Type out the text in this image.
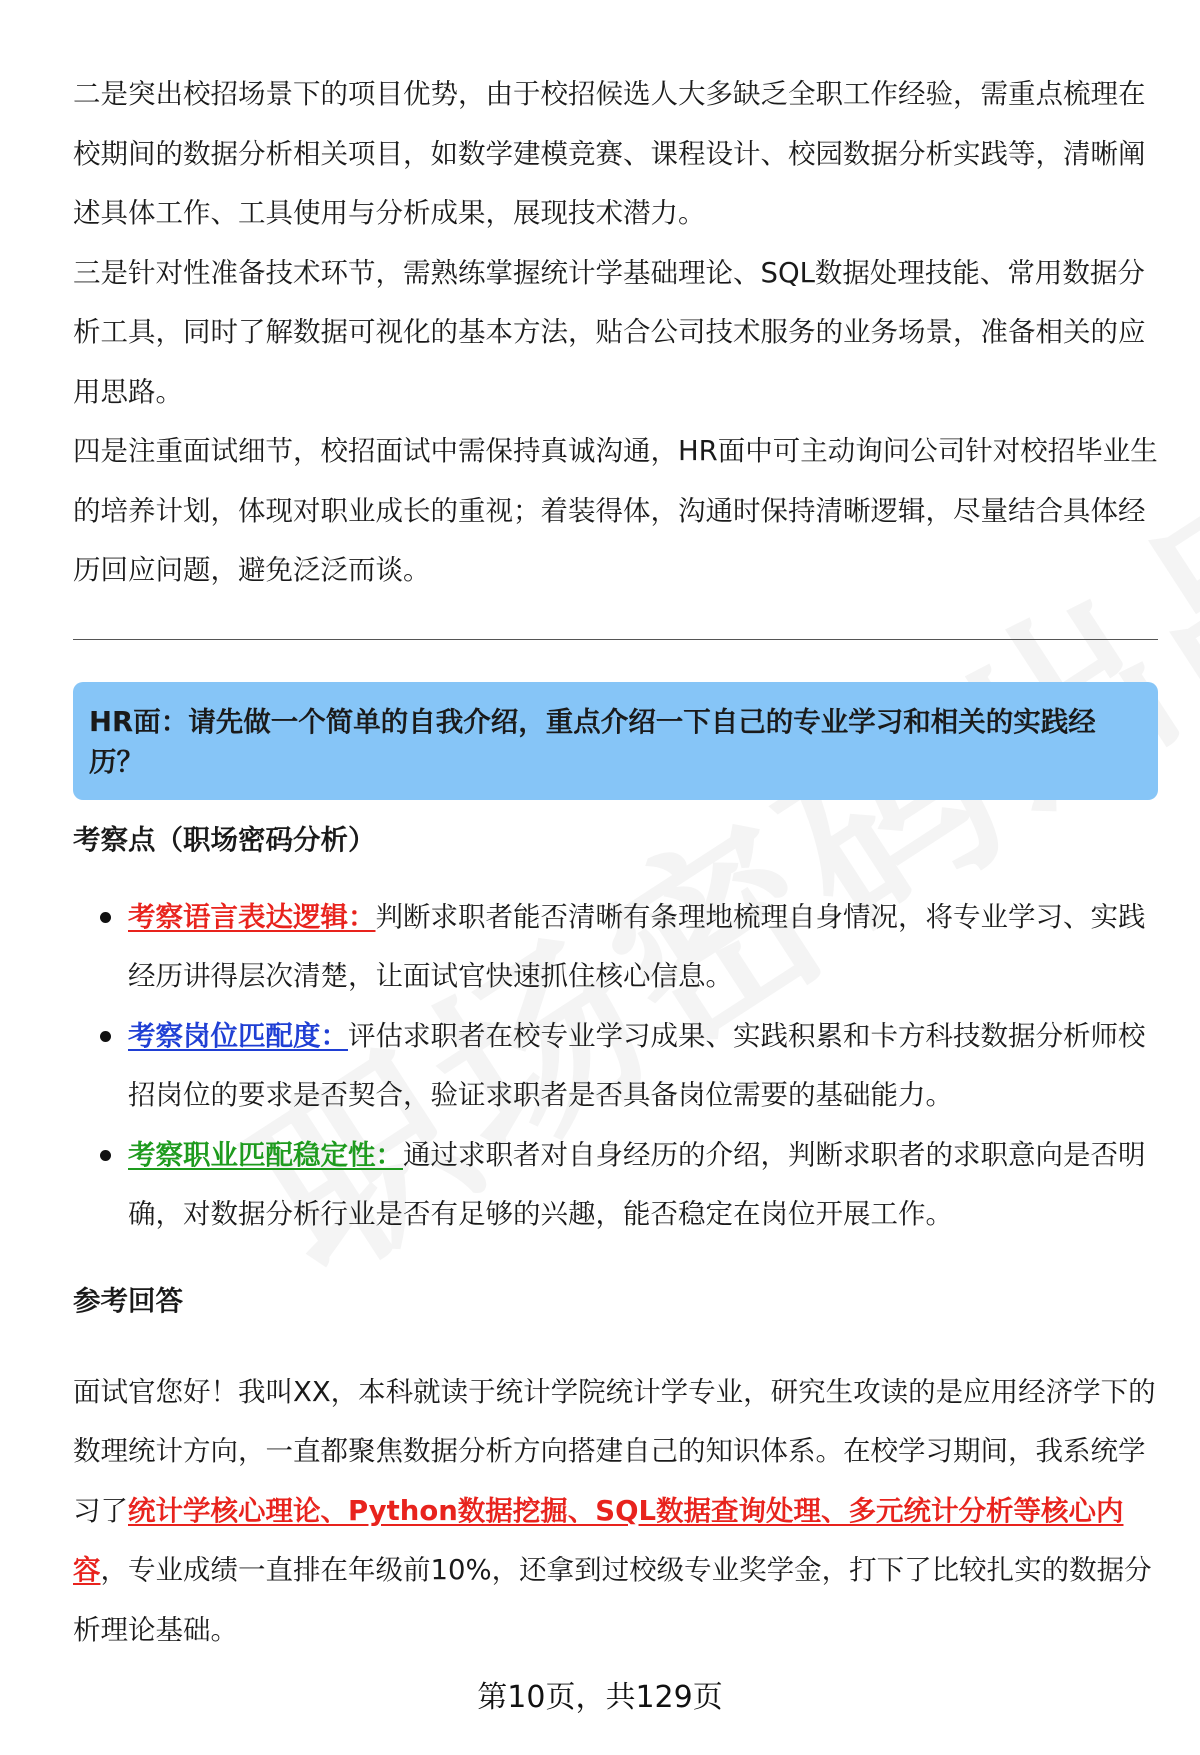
二是突出校招场景下的项目优势，由于校招候选人大多缺乏全职工作经验，需重点梳理在校期间的数据分析相关项目，如数学建模竞赛、课程设计、校园数据分析实践等，清晰阐述具体工作、工具使用与分析成果，展现技术潜力。

三是针对性准备技术环节，需熟练掌握统计学基础理论、SQL数据处理技能、常用数据分析工具，同时了解数据可视化的基本方法，贴合公司技术服务的业务场景，准备相关的应用思路。

四是注重面试细节，校招面试中需保持真诚沟通，HR面中可主动询问公司针对校招毕业生的培养计划，体现对职业成长的重视；着装得体，沟通时保持清晰逻辑，尽量结合具体经历回应问题，避免泛泛而谈。

HR面：请先做一个简单的自我介绍，重点介绍一下自己的专业学习和相关的实践经历？
考察点（职场密码分析）
考察语言表达逻辑：判断求职者能否清晰有条理地梳理自身情况，将专业学习、实践经历讲得层次清楚，让面试官快速抓住核心信息。
考察岗位匹配度：评估求职者在校专业学习成果、实践积累和卡方科技数据分析师校招岗位的要求是否契合，验证求职者是否具备岗位需要的基础能力。
考察职业匹配稳定性：通过求职者对自身经历的介绍，判断求职者的求职意向是否明确，对数据分析行业是否有足够的兴趣，能否稳定在岗位开展工作。
参考回答

面试官您好！我叫XX，本科就读于统计学院统计学专业，研究生攻读的是应用经济学下的数理统计方向，一直都聚焦数据分析方向搭建自己的知识体系。在校学习期间，我系统学习了统计学核心理论、Python数据挖掘、SQL数据查询处理、多元统计分析等核心内容，专业成绩一直排在年级前10%，还拿到过校级专业奖学金，打下了比较扎实的数据分析理论基础。

第10页，共129页
